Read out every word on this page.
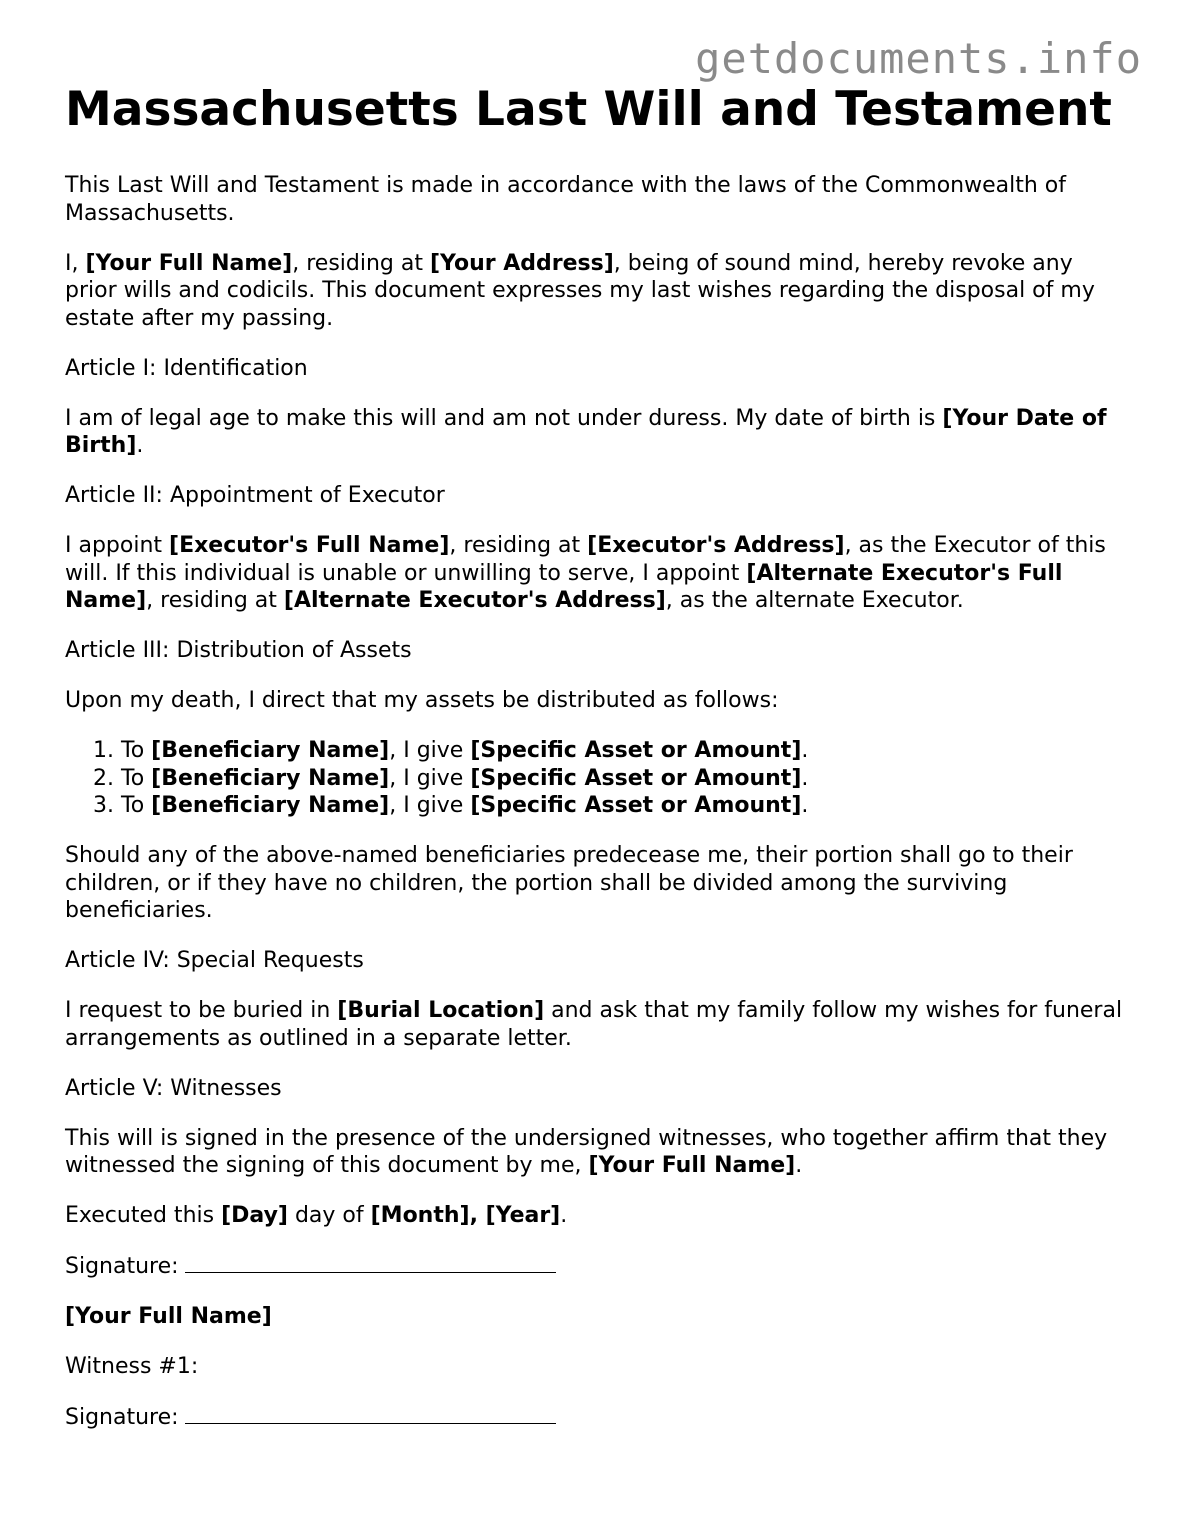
getdocuments.info
Massachusetts Last Will and Testament

This Last Will and Testament is made in accordance with the laws of the Commonwealth of Massachusetts.

I, [Your Full Name], residing at [Your Address], being of sound mind, hereby revoke any prior wills and codicils. This document expresses my last wishes regarding the disposal of my estate after my passing.

Article I: Identification

I am of legal age to make this will and am not under duress. My date of birth is [Your Date of Birth].

Article II: Appointment of Executor

I appoint [Executor's Full Name], residing at [Executor's Address], as the Executor of this will. If this individual is unable or unwilling to serve, I appoint [Alternate Executor's Full Name], residing at [Alternate Executor's Address], as the alternate Executor.

Article III: Distribution of Assets

Upon my death, I direct that my assets be distributed as follows:

1. To [Beneficiary Name], I give [Specific Asset or Amount].
2. To [Beneficiary Name], I give [Specific Asset or Amount].
3. To [Beneficiary Name], I give [Specific Asset or Amount].

Should any of the above-named beneficiaries predecease me, their portion shall go to their children, or if they have no children, the portion shall be divided among the surviving beneficiaries.

Article IV: Special Requests

I request to be buried in [Burial Location] and ask that my family follow my wishes for funeral arrangements as outlined in a separate letter.

Article V: Witnesses

This will is signed in the presence of the undersigned witnesses, who together affirm that they witnessed the signing of this document by me, [Your Full Name].

Executed this [Day] day of [Month], [Year].

Signature:

[Your Full Name]

Witness #1:

Signature:
